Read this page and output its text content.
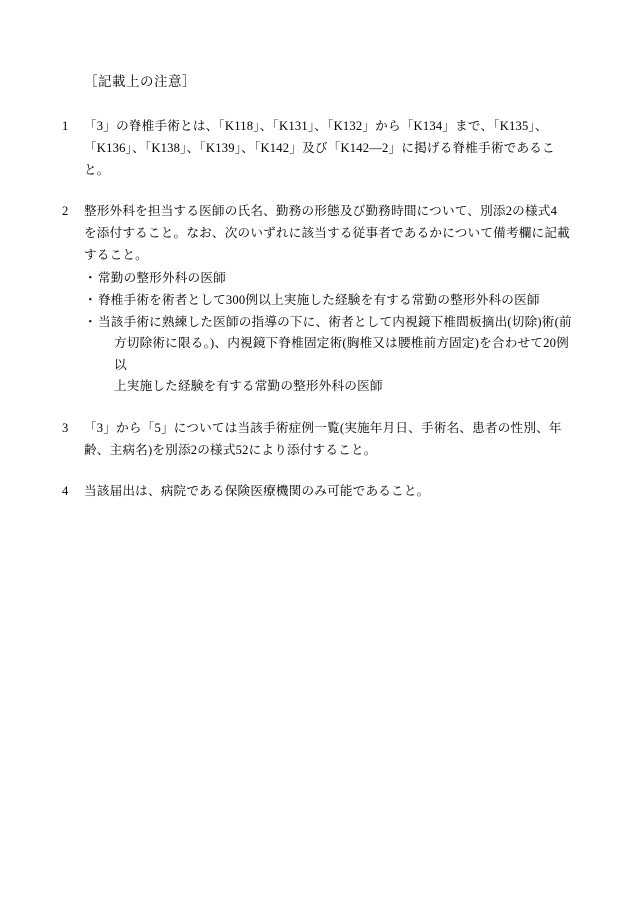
［記載上の注意］
1	「3」の脊椎手術とは、「K118」、「K131」、「K132」から「K134」まで、「K135」、
「K136」、「K138」、「K139」、「K142」及び「K142―2」に掲げる脊椎手術であるこ
と。
2	整形外科を担当する医師の氏名、勤務の形態及び勤務時間について、別添2の様式4
を添付すること。なお、次のいずれに該当する従事者であるかについて備考欄に記載
すること。
・ 常勤の整形外科の医師
・ 脊椎手術を術者として300例以上実施した経験を有する常勤の整形外科の医師
・ 当該手術に熟練した医師の指導の下に、術者として内視鏡下椎間板摘出(切除)術(前
方切除術に限る。)、内視鏡下脊椎固定術(胸椎又は腰椎前方固定)を合わせて20例以
上実施した経験を有する常勤の整形外科の医師
3	「3」から「5」については当該手術症例一覧(実施年月日、手術名、患者の性別、年
齢、主病名)を別添2の様式52により添付すること。
4	当該届出は、病院である保険医療機関のみ可能であること。
